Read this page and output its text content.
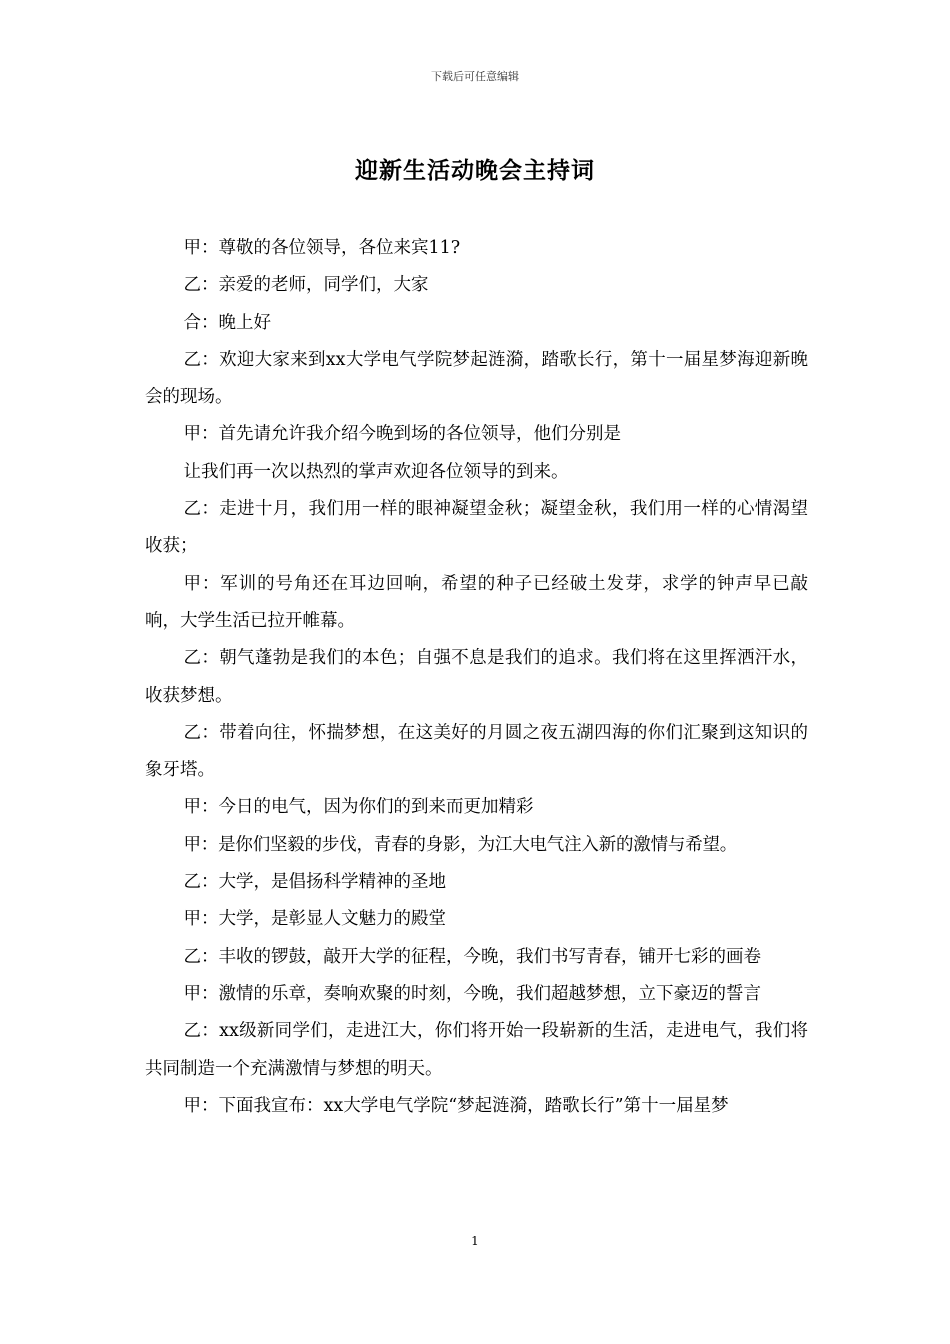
下载后可任意编辑
迎新生活动晚会主持词

甲：尊敬的各位领导，各位来宾11?

乙：亲爱的老师，同学们，大家

合：晚上好

乙：欢迎大家来到xx大学电气学院梦起涟漪，踏歌长行，第十一届星梦海迎新晚会的现场。

甲：首先请允许我介绍今晚到场的各位领导，他们分别是

让我们再一次以热烈的掌声欢迎各位领导的到来。

乙：走进十月，我们用一样的眼神凝望金秋；凝望金秋，我们用一样的心情渴望收获；

甲：军训的号角还在耳边回响，希望的种子已经破土发芽，求学的钟声早已敲响，大学生活已拉开帷幕。

乙：朝气蓬勃是我们的本色；自强不息是我们的追求。我们将在这里挥洒汗水，收获梦想。

乙：带着向往，怀揣梦想，在这美好的月圆之夜五湖四海的你们汇聚到这知识的象牙塔。

甲：今日的电气，因为你们的到来而更加精彩

甲：是你们坚毅的步伐，青春的身影，为江大电气注入新的激情与希望。

乙：大学，是倡扬科学精神的圣地

甲：大学，是彰显人文魅力的殿堂

乙：丰收的锣鼓，敲开大学的征程，今晚，我们书写青春，铺开七彩的画卷

甲：激情的乐章，奏响欢聚的时刻，今晚，我们超越梦想，立下豪迈的誓言

乙：xx级新同学们，走进江大，你们将开始一段崭新的生活，走进电气，我们将共同制造一个充满激情与梦想的明天。

甲：下面我宣布：xx大学电气学院“梦起涟漪，踏歌长行”第十一届星梦

1
